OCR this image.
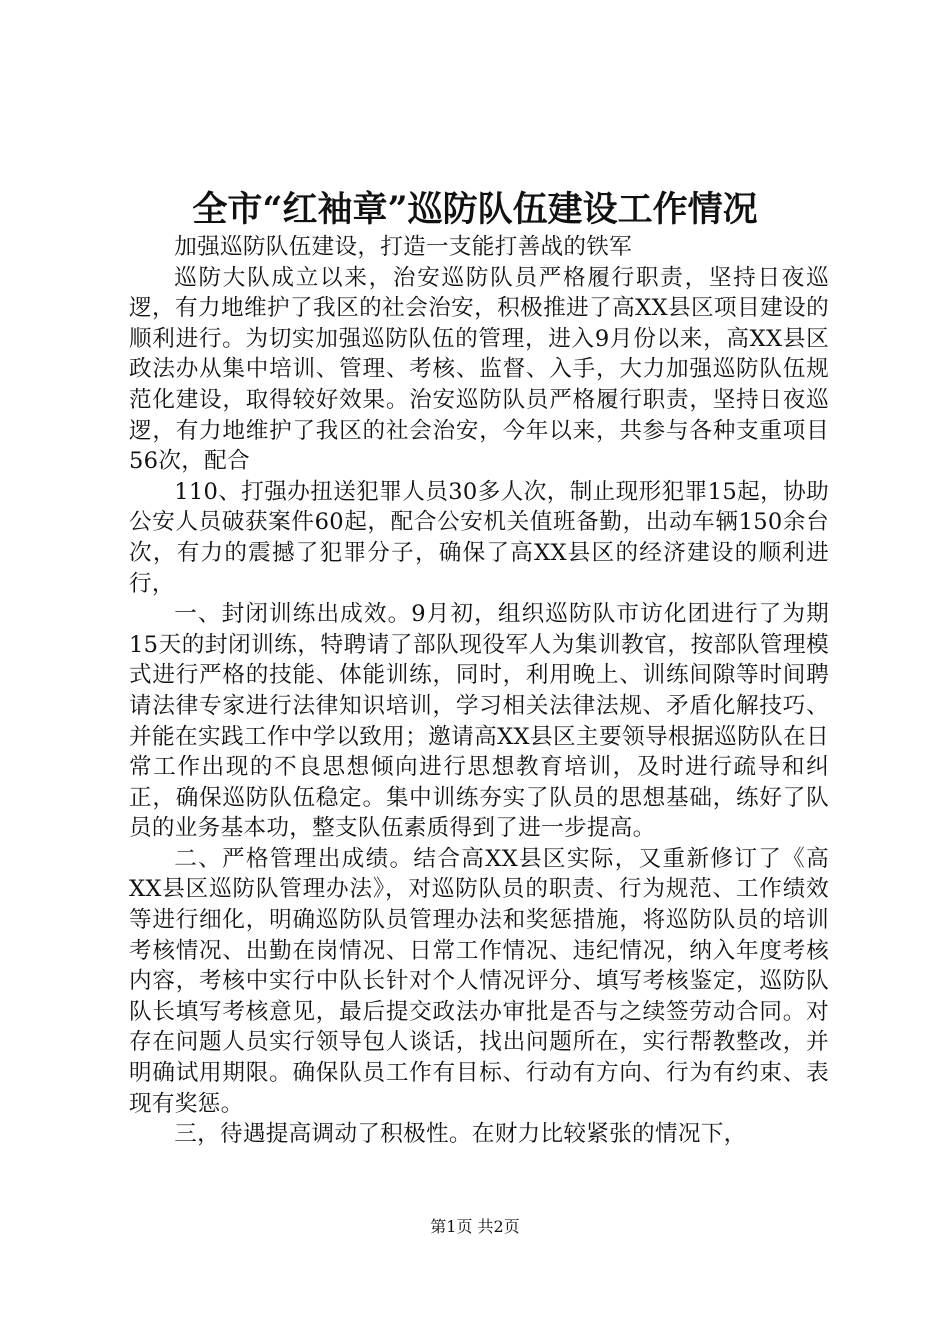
全市“红袖章”巡防队伍建设工作情况

加强巡防队伍建设，打造一支能打善战的铁军

巡防大队成立以来，治安巡防队员严格履行职责，坚持日夜巡逻，有力地维护了我区的社会治安，积极推进了高XX县区项目建设的顺利进行。为切实加强巡防队伍的管理，进入9月份以来，高XX县区政法办从集中培训、管理、考核、监督、入手，大力加强巡防队伍规范化建设，取得较好效果。治安巡防队员严格履行职责，坚持日夜巡逻，有力地维护了我区的社会治安，今年以来，共参与各种支重项目56次，配合

110、打强办扭送犯罪人员30多人次，制止现形犯罪15起，协助公安人员破获案件60起，配合公安机关值班备勤，出动车辆150余台次，有力的震撼了犯罪分子，确保了高XX县区的经济建设的顺利进行，

一、封闭训练出成效。9月初，组织巡防队市访化团进行了为期15天的封闭训练，特聘请了部队现役军人为集训教官，按部队管理模式进行严格的技能、体能训练，同时，利用晚上、训练间隙等时间聘请法律专家进行法律知识培训，学习相关法律法规、矛盾化解技巧、并能在实践工作中学以致用；邀请高XX县区主要领导根据巡防队在日常工作出现的不良思想倾向进行思想教育培训，及时进行疏导和纠正，确保巡防队伍稳定。集中训练夯实了队员的思想基础，练好了队员的业务基本功，整支队伍素质得到了进一步提高。

二、严格管理出成绩。结合高XX县区实际，又重新修订了《高XX县区巡防队管理办法》，对巡防队员的职责、行为规范、工作绩效等进行细化，明确巡防队员管理办法和奖惩措施，将巡防队员的培训考核情况、出勤在岗情况、日常工作情况、违纪情况，纳入年度考核内容，考核中实行中队长针对个人情况评分、填写考核鉴定，巡防队队长填写考核意见，最后提交政法办审批是否与之续签劳动合同。对存在问题人员实行领导包人谈话，找出问题所在，实行帮教整改，并明确试用期限。确保队员工作有目标、行动有方向、行为有约束、表现有奖惩。

三，待遇提高调动了积极性。在财力比较紧张的情况下，

第1页 共2页
